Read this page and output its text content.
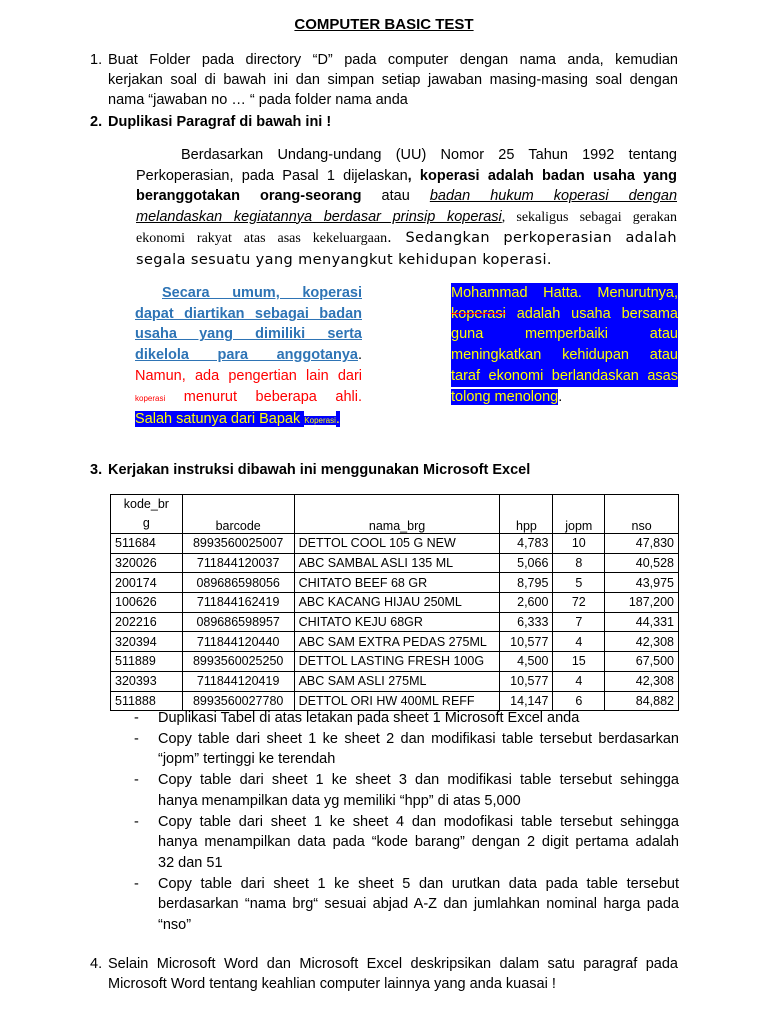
COMPUTER BASIC TEST
1. Buat Folder pada directory “D” pada computer dengan nama anda, kemudian
kerjakan soal di bawah ini dan simpan setiap jawaban masing-masing soal dengan
nama “jawaban no … “ pada folder nama anda
2. Duplikasi Paragraf di bawah ini !
Berdasarkan Undang-undang (UU) Nomor 25 Tahun 1992 tentang
Perkoperasian, pada Pasal 1 dijelaskan, koperasi adalah badan usaha yang
beranggotakan orang-seorang atau badan hukum koperasi dengan
melandaskan kegiatannya berdasar prinsip koperasi, sekaligus sebagai gerakan
ekonomi rakyat atas asas kekeluargaan. Sedangkan perkoperasian adalah
segala sesuatu yang menyangkut kehidupan koperasi.
Secara umum, koperasi
dapat diartikan sebagai badan
usaha yang dimiliki serta
dikelola para anggotanya.
Namun, ada pengertian lain dari
koperasi menurut beberapa ahli.
Salah satunya dari Bapak Koperasi.
Mohammad Hatta. Menurutnya,
koperasi adalah usaha bersama
guna memperbaiki atau
meningkatkan kehidupan atau
taraf ekonomi berlandaskan asas
tolong menolong.
3. Kerjakan instruksi dibawah ini menggunakan Microsoft Excel
kode_br
g	barcode	nama_brg	hpp	jopm	nso
511684	8993560025007	DETTOL COOL 105 G NEW	4,783	10	47,830
320026	711844120037	ABC SAMBAL ASLI 135 ML	5,066	8	40,528
200174	089686598056	CHITATO BEEF 68 GR	8,795	5	43,975
100626	711844162419	ABC KACANG HIJAU 250ML	2,600	72	187,200
202216	089686598957	CHITATO KEJU 68GR	6,333	7	44,331
320394	711844120440	ABC SAM EXTRA PEDAS 275ML	10,577	4	42,308
511889	8993560025250	DETTOL LASTING FRESH 100G	4,500	15	67,500
320393	711844120419	ABC SAM ASLI 275ML	10,577	4	42,308
511888	8993560027780	DETTOL ORI HW 400ML REFF	14,147	6	84,882
- Duplikasi Tabel di atas letakan pada sheet 1 Microsoft Excel anda
- Copy table dari sheet 1 ke sheet 2 dan modifikasi table tersebut berdasarkan
“jopm” tertinggi ke terendah
- Copy table dari sheet 1 ke sheet 3 dan modifikasi table tersebut sehingga
hanya menampilkan data yg memiliki “hpp” di atas 5,000
- Copy table dari sheet 1 ke sheet 4 dan modofikasi table tersebut sehingga
hanya menampilkan data pada “kode barang” dengan 2 digit pertama adalah
32 dan 51
- Copy table dari sheet 1 ke sheet 5 dan urutkan data pada table tersebut
berdasarkan “nama brg“ sesuai abjad A-Z dan jumlahkan nominal harga pada
“nso”
4. Selain Microsoft Word dan Microsoft Excel deskripsikan dalam satu paragraf pada
Microsoft Word tentang keahlian computer lainnya yang anda kuasai !
